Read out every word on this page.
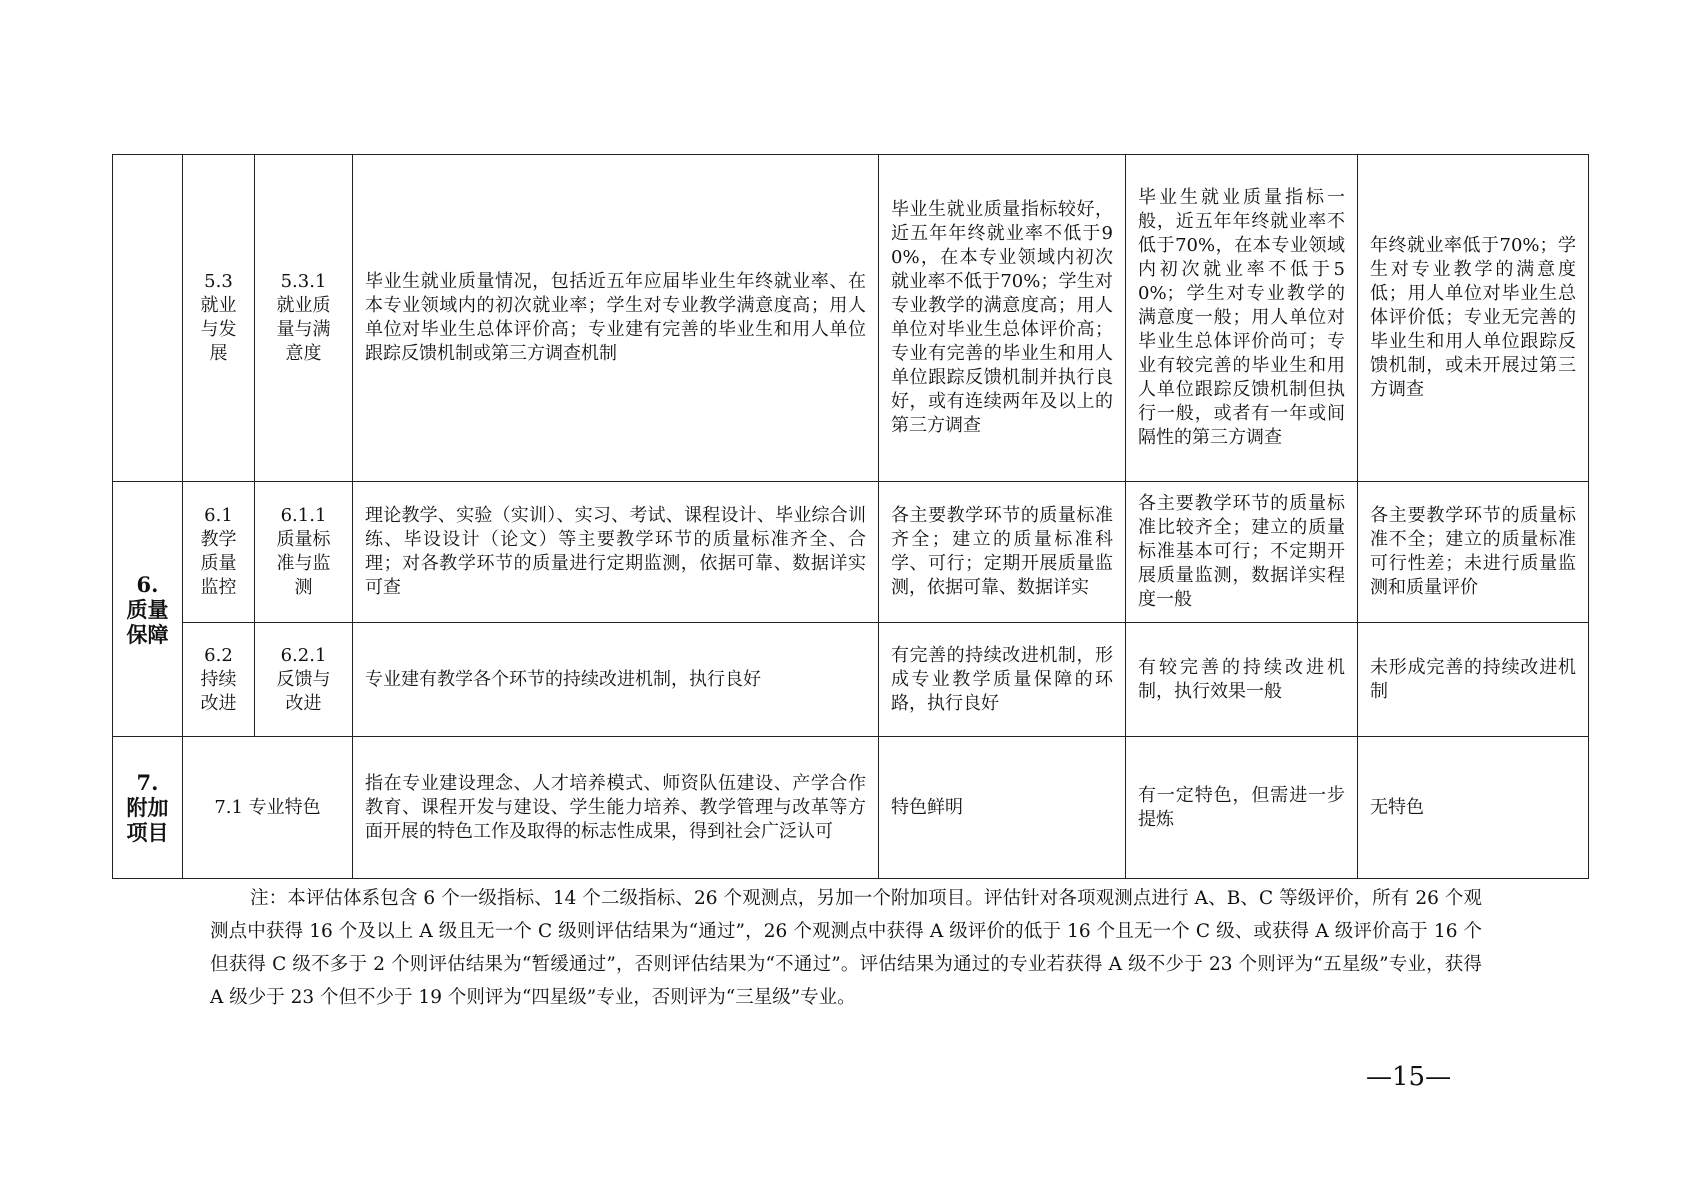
	5.3
就业
与发
展	5.3.1
就业质
量与满
意度	毕业生就业质量情况，包括近五年应届毕业生年终就业率、在本专业领域内的初次就业率；学生对专业教学满意度高；用人单位对毕业生总体评价高；专业建有完善的毕业生和用人单位跟踪反馈机制或第三方调查机制	毕业生就业质量指标较好，近五年年终就业率不低于90%，在本专业领域内初次就业率不低于70%；学生对专业教学的满意度高；用人单位对毕业生总体评价高；专业有完善的毕业生和用人单位跟踪反馈机制并执行良好，或有连续两年及以上的第三方调查	毕业生就业质量指标一般，近五年年终就业率不低于70%，在本专业领域内初次就业率不低于50%；学生对专业教学的满意度一般；用人单位对毕业生总体评价尚可；专业有较完善的毕业生和用人单位跟踪反馈机制但执行一般，或者有一年或间隔性的第三方调查	年终就业率低于70%；学生对专业教学的满意度低；用人单位对毕业生总体评价低；专业无完善的毕业生和用人单位跟踪反馈机制，或未开展过第三方调查
6.
质量
保障	6.1
教学
质量
监控	6.1.1
质量标
准与监
测	理论教学、实验（实训）、实习、考试、课程设计、毕业综合训练、毕设设计（论文）等主要教学环节的质量标准齐全、合理；对各教学环节的质量进行定期监测，依据可靠、数据详实可查	各主要教学环节的质量标准齐全；建立的质量标准科学、可行；定期开展质量监测，依据可靠、数据详实	各主要教学环节的质量标准比较齐全；建立的质量标准基本可行；不定期开展质量监测，数据详实程度一般	各主要教学环节的质量标准不全；建立的质量标准可行性差；未进行质量监测和质量评价
	6.2
持续
改进	6.2.1
反馈与
改进	专业建有教学各个环节的持续改进机制，执行良好	有完善的持续改进机制，形成专业教学质量保障的环路，执行良好	有较完善的持续改进机制，执行效果一般	未形成完善的持续改进机制
7.
附加
项目	7.1 专业特色		指在专业建设理念、人才培养模式、师资队伍建设、产学合作教育、课程开发与建设、学生能力培养、教学管理与改革等方面开展的特色工作及取得的标志性成果，得到社会广泛认可	特色鲜明	有一定特色，但需进一步提炼	无特色

注：本评估体系包含 6 个一级指标、14 个二级指标、26 个观测点，另加一个附加项目。评估针对各项观测点进行 A、B、C 等级评价，所有 26 个观测点中获得 16 个及以上 A 级且无一个 C 级则评估结果为“通过”，26 个观测点中获得 A 级评价的低于 16 个且无一个 C 级、或获得 A 级评价高于 16 个但获得 C 级不多于 2 个则评估结果为“暂缓通过”，否则评估结果为“不通过”。评估结果为通过的专业若获得 A 级不少于 23 个则评为“五星级”专业，获得 A 级少于 23 个但不少于 19 个则评为“四星级”专业，否则评为“三星级”专业。

—15—
